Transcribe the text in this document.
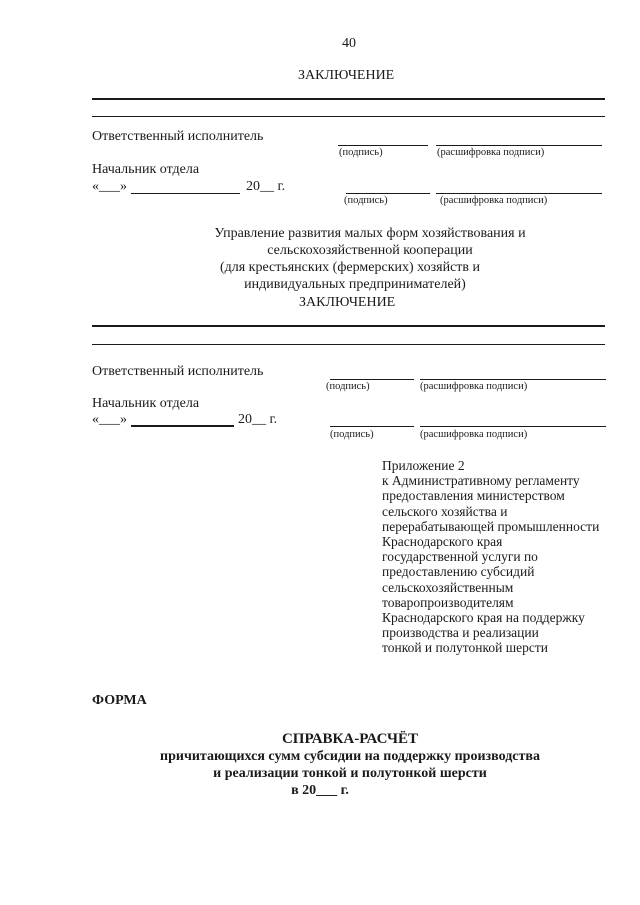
40
ЗАКЛЮЧЕНИЕ
Ответственный исполнитель
(подпись)	(расшифровка подписи)
Начальник отдела
«___»	20__ г.
(подпись)	(расшифровка подписи)
Управление развития малых форм хозяйствования и
сельскохозяйственной кооперации
(для крестьянских (фермерских) хозяйств и
индивидуальных предпринимателей)
ЗАКЛЮЧЕНИЕ
Ответственный исполнитель
(подпись)	(расшифровка подписи)
Начальник отдела
«___»	20__ г.
(подпись)	(расшифровка подписи)
Приложение 2
к Административному регламенту
предоставления министерством
сельского хозяйства и
перерабатывающей промышленности
Краснодарского края
государственной услуги по
предоставлению субсидий
сельскохозяйственным
товаропроизводителям
Краснодарского края на поддержку
производства и реализации
тонкой и полутонкой шерсти
ФОРМА
СПРАВКА-РАСЧЁТ
причитающихся сумм субсидии на поддержку производства
и реализации тонкой и полутонкой шерсти
в 20___ г.
